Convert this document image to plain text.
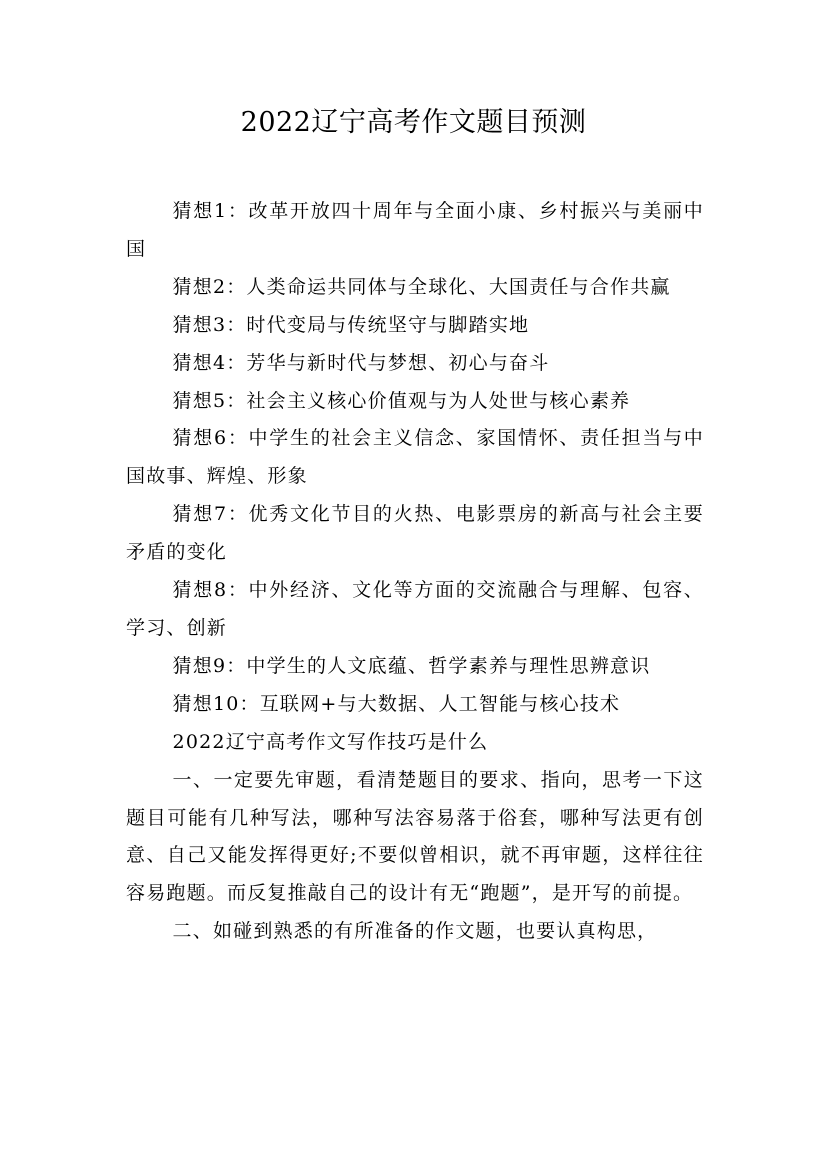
2022辽宁高考作文题目预测

猜想1：改革开放四十周年与全面小康、乡村振兴与美丽中国

猜想2：人类命运共同体与全球化、大国责任与合作共赢

猜想3：时代变局与传统坚守与脚踏实地

猜想4：芳华与新时代与梦想、初心与奋斗

猜想5：社会主义核心价值观与为人处世与核心素养

猜想6：中学生的社会主义信念、家国情怀、责任担当与中国故事、辉煌、形象

猜想7：优秀文化节目的火热、电影票房的新高与社会主要矛盾的变化

猜想8：中外经济、文化等方面的交流融合与理解、包容、学习、创新

猜想9：中学生的人文底蕴、哲学素养与理性思辨意识

猜想10：互联网+与大数据、人工智能与核心技术

2022辽宁高考作文写作技巧是什么

一、一定要先审题，看清楚题目的要求、指向，思考一下这题目可能有几种写法，哪种写法容易落于俗套，哪种写法更有创意、自己又能发挥得更好;不要似曾相识，就不再审题，这样往往容易跑题。而反复推敲自己的设计有无“跑题”，是开写的前提。

二、如碰到熟悉的有所准备的作文题，也要认真构思，
